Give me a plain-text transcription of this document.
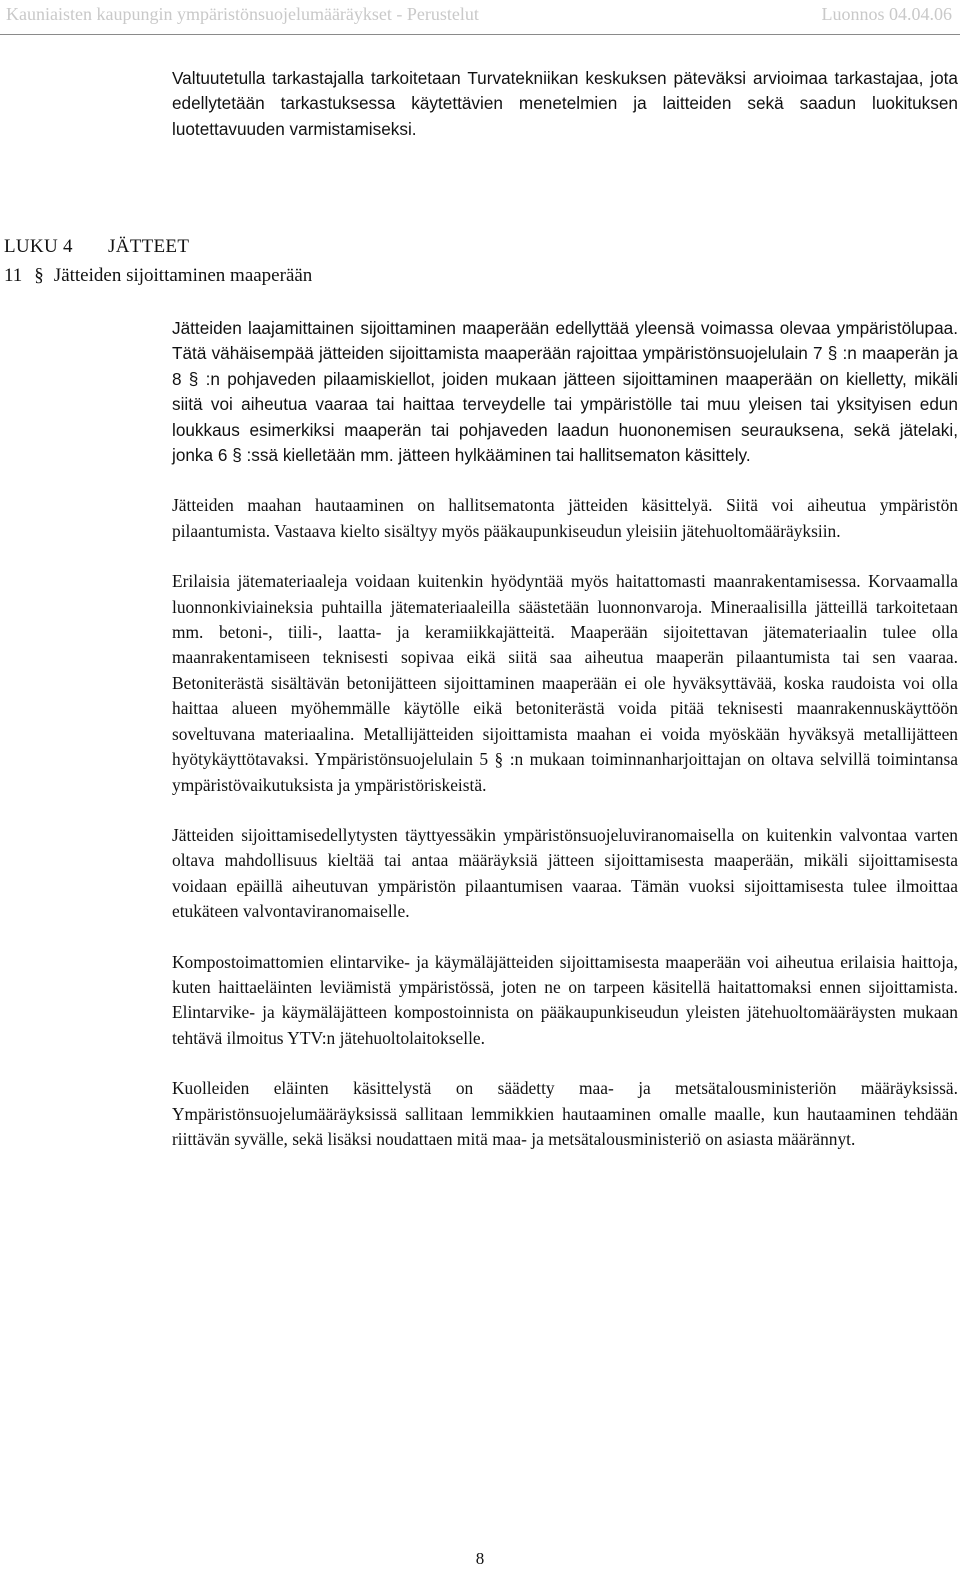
Kauniaisten kaupungin ympäristönsuojelumääräykset - Perustelut	Luonnos 04.04.06

Valtuutetulla tarkastajalla tarkoitetaan Turvatekniikan keskuksen päteväksi arvioimaa tarkastajaa, jota edellytetään tarkastuksessa käytettävien menetelmien ja laitteiden sekä saadun luokituksen luotettavuuden varmistamiseksi.

LUKU 4 JÄTTEET
11 § Jätteiden sijoittaminen maaperään

Jätteiden laajamittainen sijoittaminen maaperään edellyttää yleensä voimassa olevaa ympäristölupaa. Tätä vähäisempää jätteiden sijoittamista maaperään rajoittaa ympäristönsuojelulain 7 § :n maaperän ja 8 § :n pohjaveden pilaamiskiellot, joiden mukaan jätteen sijoittaminen maaperään on kielletty, mikäli siitä voi aiheutua vaaraa tai haittaa terveydelle tai ympäristölle tai muu yleisen tai yksityisen edun loukkaus esimerkiksi maaperän tai pohjaveden laadun huononemisen seurauksena, sekä jätelaki, jonka 6 § :ssä kielletään mm. jätteen hylkääminen tai hallitsematon käsittely.

Jätteiden maahan hautaaminen on hallitsematonta jätteiden käsittelyä. Siitä voi aiheutua ympäristön pilaantumista. Vastaava kielto sisältyy myös pääkaupunkiseudun yleisiin jätehuoltomääräyksiin.

Erilaisia jätemateriaaleja voidaan kuitenkin hyödyntää myös haitattomasti maanrakentamisessa. Korvaamalla luonnonkiviaineksia puhtailla jätemateriaaleilla säästetään luonnonvaroja. Mineraalisilla jätteillä tarkoitetaan mm. betoni-, tiili-, laatta- ja keramiikkajätteitä. Maaperään sijoitettavan jätemateriaalin tulee olla maanrakentamiseen teknisesti sopivaa eikä siitä saa aiheutua maaperän pilaantumista tai sen vaaraa. Betoniterästä sisältävän betonijätteen sijoittaminen maaperään ei ole hyväksyttävää, koska raudoista voi olla haittaa alueen myöhemmälle käytölle eikä betoniterästä voida pitää teknisesti maanrakennuskäyttöön soveltuvana materiaalina. Metallijätteiden sijoittamista maahan ei voida myöskään hyväksyä metallijätteen hyötykäyttötavaksi. Ympäristönsuojelulain 5 § :n mukaan toiminnanharjoittajan on oltava selvillä toimintansa ympäristövaikutuksista ja ympäristöriskeistä.

Jätteiden sijoittamisedellytysten täyttyessäkin ympäristönsuojeluviranomaisella on kuitenkin valvontaa varten oltava mahdollisuus kieltää tai antaa määräyksiä jätteen sijoittamisesta maaperään, mikäli sijoittamisesta voidaan epäillä aiheutuvan ympäristön pilaantumisen vaaraa. Tämän vuoksi sijoittamisesta tulee ilmoittaa etukäteen valvontaviranomaiselle.

Kompostoimattomien elintarvike- ja käymäläjätteiden sijoittamisesta maaperään voi aiheutua erilaisia haittoja, kuten haittaeläinten leviämistä ympäristössä, joten ne on tarpeen käsitellä haitattomaksi ennen sijoittamista. Elintarvike- ja käymäläjätteen kompostoinnista on pääkaupunkiseudun yleisten jätehuoltomääräysten mukaan tehtävä ilmoitus YTV:n jätehuoltolaitokselle.

Kuolleiden eläinten käsittelystä on säädetty maa- ja metsätalousministeriön määräyksissä. Ympäristönsuojelumääräyksissä sallitaan lemmikkien hautaaminen omalle maalle, kun hautaaminen tehdään riittävän syvälle, sekä lisäksi noudattaen mitä maa- ja metsätalousministeriö on asiasta määrännyt.

8
